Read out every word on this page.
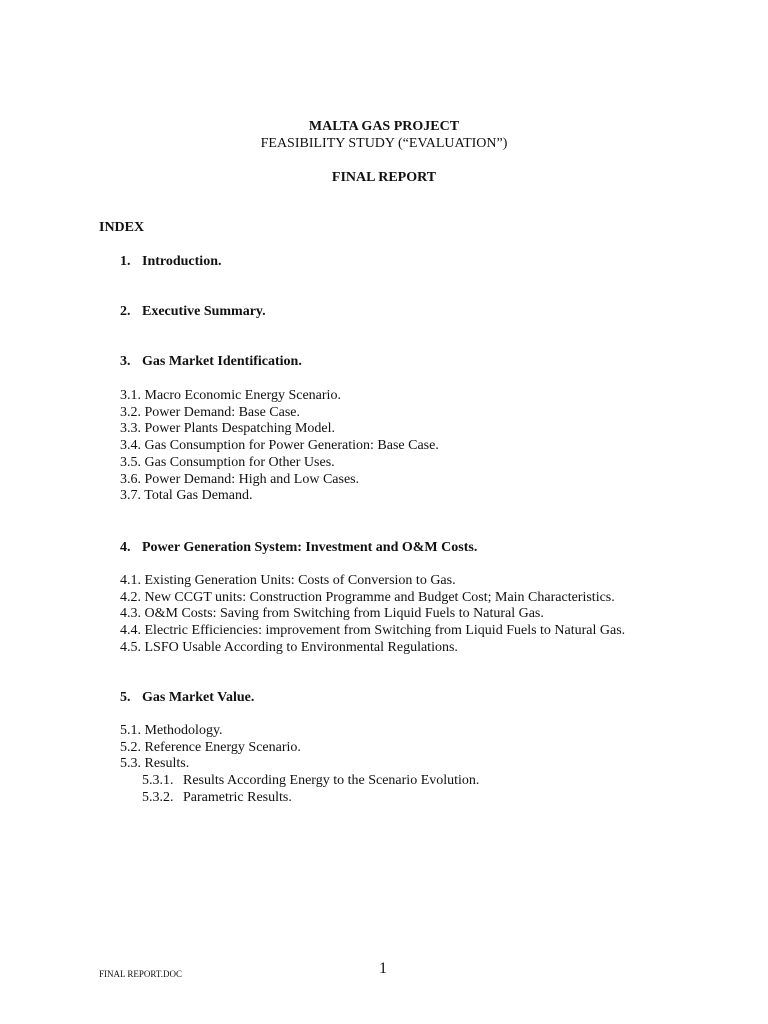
MALTA GAS PROJECT
FEASIBILITY STUDY (“EVALUATION”)
FINAL REPORT
INDEX
1. Introduction.
2. Executive Summary.
3. Gas Market Identification.
3.1. Macro Economic Energy Scenario.
3.2. Power Demand: Base Case.
3.3. Power Plants Despatching Model.
3.4. Gas Consumption for Power Generation: Base Case.
3.5. Gas Consumption for Other Uses.
3.6. Power Demand: High and Low Cases.
3.7. Total Gas Demand.
4. Power Generation System: Investment and O&M Costs.
4.1. Existing Generation Units: Costs of Conversion to Gas.
4.2. New CCGT units: Construction Programme and Budget Cost; Main Characteristics.
4.3. O&M Costs: Saving from Switching from Liquid Fuels to Natural Gas.
4.4. Electric Efficiencies: improvement from Switching from Liquid Fuels to Natural Gas.
4.5. LSFO Usable According to Environmental Regulations.
5. Gas Market Value.
5.1. Methodology.
5.2. Reference Energy Scenario.
5.3. Results.
5.3.1. Results According Energy to the Scenario Evolution.
5.3.2. Parametric Results.
FINAL REPORT.DOC	1
